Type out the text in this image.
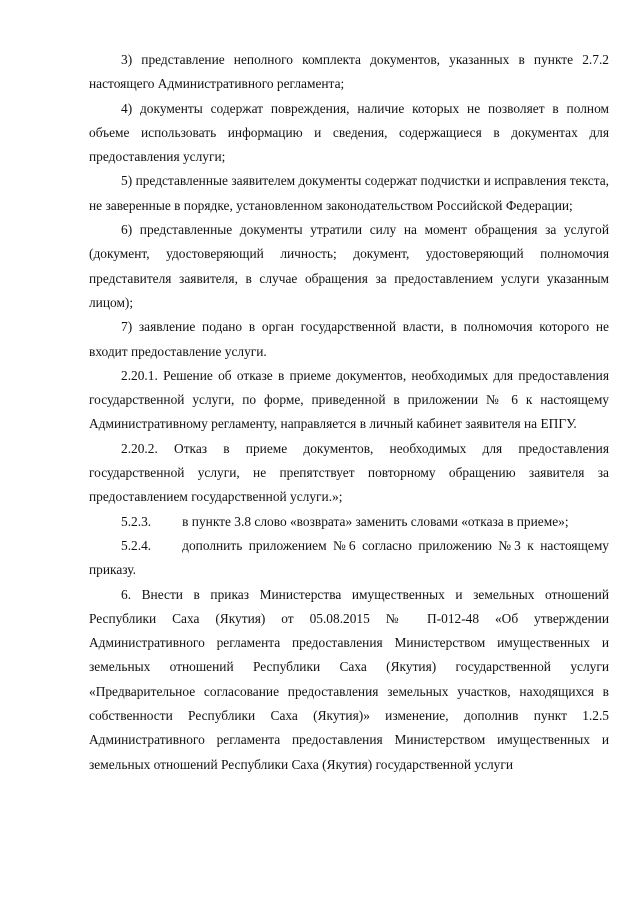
3) представление неполного комплекта документов, указанных в пункте 2.7.2 настоящего Административного регламента;

4) документы содержат повреждения, наличие которых не позволяет в полном объеме использовать информацию и сведения, содержащиеся в документах для предоставления услуги;

5) представленные заявителем документы содержат подчистки и исправления текста, не заверенные в порядке, установленном законодательством Российской Федерации;

6) представленные документы утратили силу на момент обращения за услугой (документ, удостоверяющий личность; документ, удостоверяющий полномочия представителя заявителя, в случае обращения за предоставлением услуги указанным лицом);

7) заявление подано в орган государственной власти, в полномочия которого не входит предоставление услуги.

2.20.1. Решение об отказе в приеме документов, необходимых для предоставления государственной услуги, по форме, приведенной в приложении № 6 к настоящему Административному регламенту, направляется в личный кабинет заявителя на ЕПГУ.

2.20.2. Отказ в приеме документов, необходимых для предоставления государственной услуги, не препятствует повторному обращению заявителя за предоставлением государственной услуги.»;

5.2.3. в пункте 3.8 слово «возврата» заменить словами «отказа в приеме»;

5.2.4. дополнить приложением №6 согласно приложению №3 к настоящему приказу.

6. Внести в приказ Министерства имущественных и земельных отношений Республики Саха (Якутия) от 05.08.2015 № П-012-48 «Об утверждении Административного регламента предоставления Министерством имущественных и земельных отношений Республики Саха (Якутия) государственной услуги «Предварительное согласование предоставления земельных участков, находящихся в собственности Республики Саха (Якутия)» изменение, дополнив пункт 1.2.5 Административного регламента предоставления Министерством имущественных и земельных отношений Республики Саха (Якутия) государственной услуги
